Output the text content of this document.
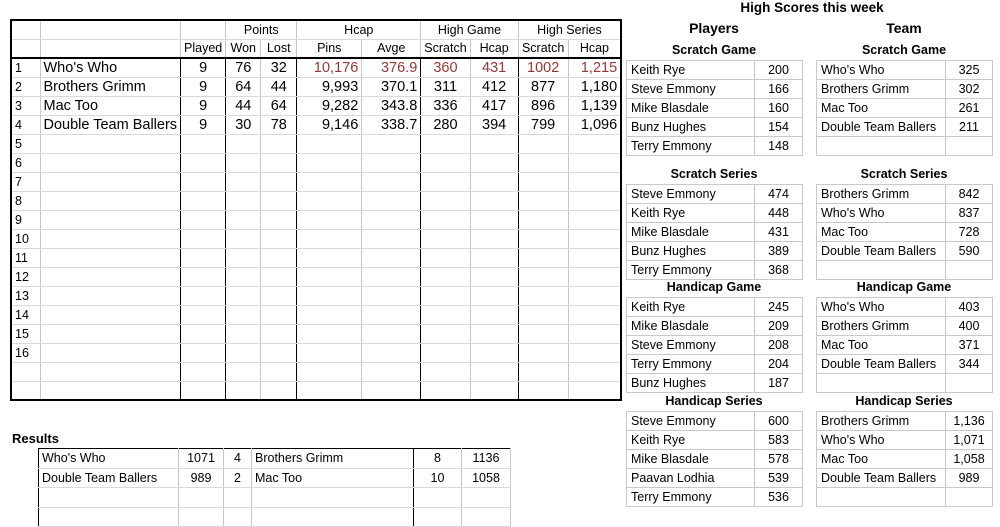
			Points		Hcap		High Game		High Series	
		Played	Won	Lost	Pins	Avge	Scratch	Hcap	Scratch	Hcap
1	Who's Who	9	76	32	10,176	376.9	360	431	1002	1,215
2	Brothers Grimm	9	64	44	9,993	370.1	311	412	877	1,180
3	Mac Too	9	44	64	9,282	343.8	336	417	896	1,139
4	Double Team Ballers	9	30	78	9,146	338.7	280	394	799	1,096
5										
6										
7										
8										
9										
10										
11										
12										
13										
14										
15										
16										

Results
Who's Who	1071	4	Brothers Grimm	8	1136
Double Team Ballers	989	2	Mac Too	10	1058

High Scores this week
Players	Team
Scratch Game
Keith Rye	200
Steve Emmony	166
Mike Blasdale	160
Bunz Hughes	154
Terry Emmony	148
Scratch Game
Who's Who	325
Brothers Grimm	302
Mac Too	261
Double Team Ballers	211

Scratch Series
Steve Emmony	474
Keith Rye	448
Mike Blasdale	431
Bunz Hughes	389
Terry Emmony	368
Scratch Series
Brothers Grimm	842
Who's Who	837
Mac Too	728
Double Team Ballers	590

Handicap Game
Keith Rye	245
Mike Blasdale	209
Steve Emmony	208
Terry Emmony	204
Bunz Hughes	187
Handicap Game
Who's Who	403
Brothers Grimm	400
Mac Too	371
Double Team Ballers	344

Handicap Series
Steve Emmony	600
Keith Rye	583
Mike Blasdale	578
Paavan Lodhia	539
Terry Emmony	536
Handicap Series
Brothers Grimm	1,136
Who's Who	1,071
Mac Too	1,058
Double Team Ballers	989
